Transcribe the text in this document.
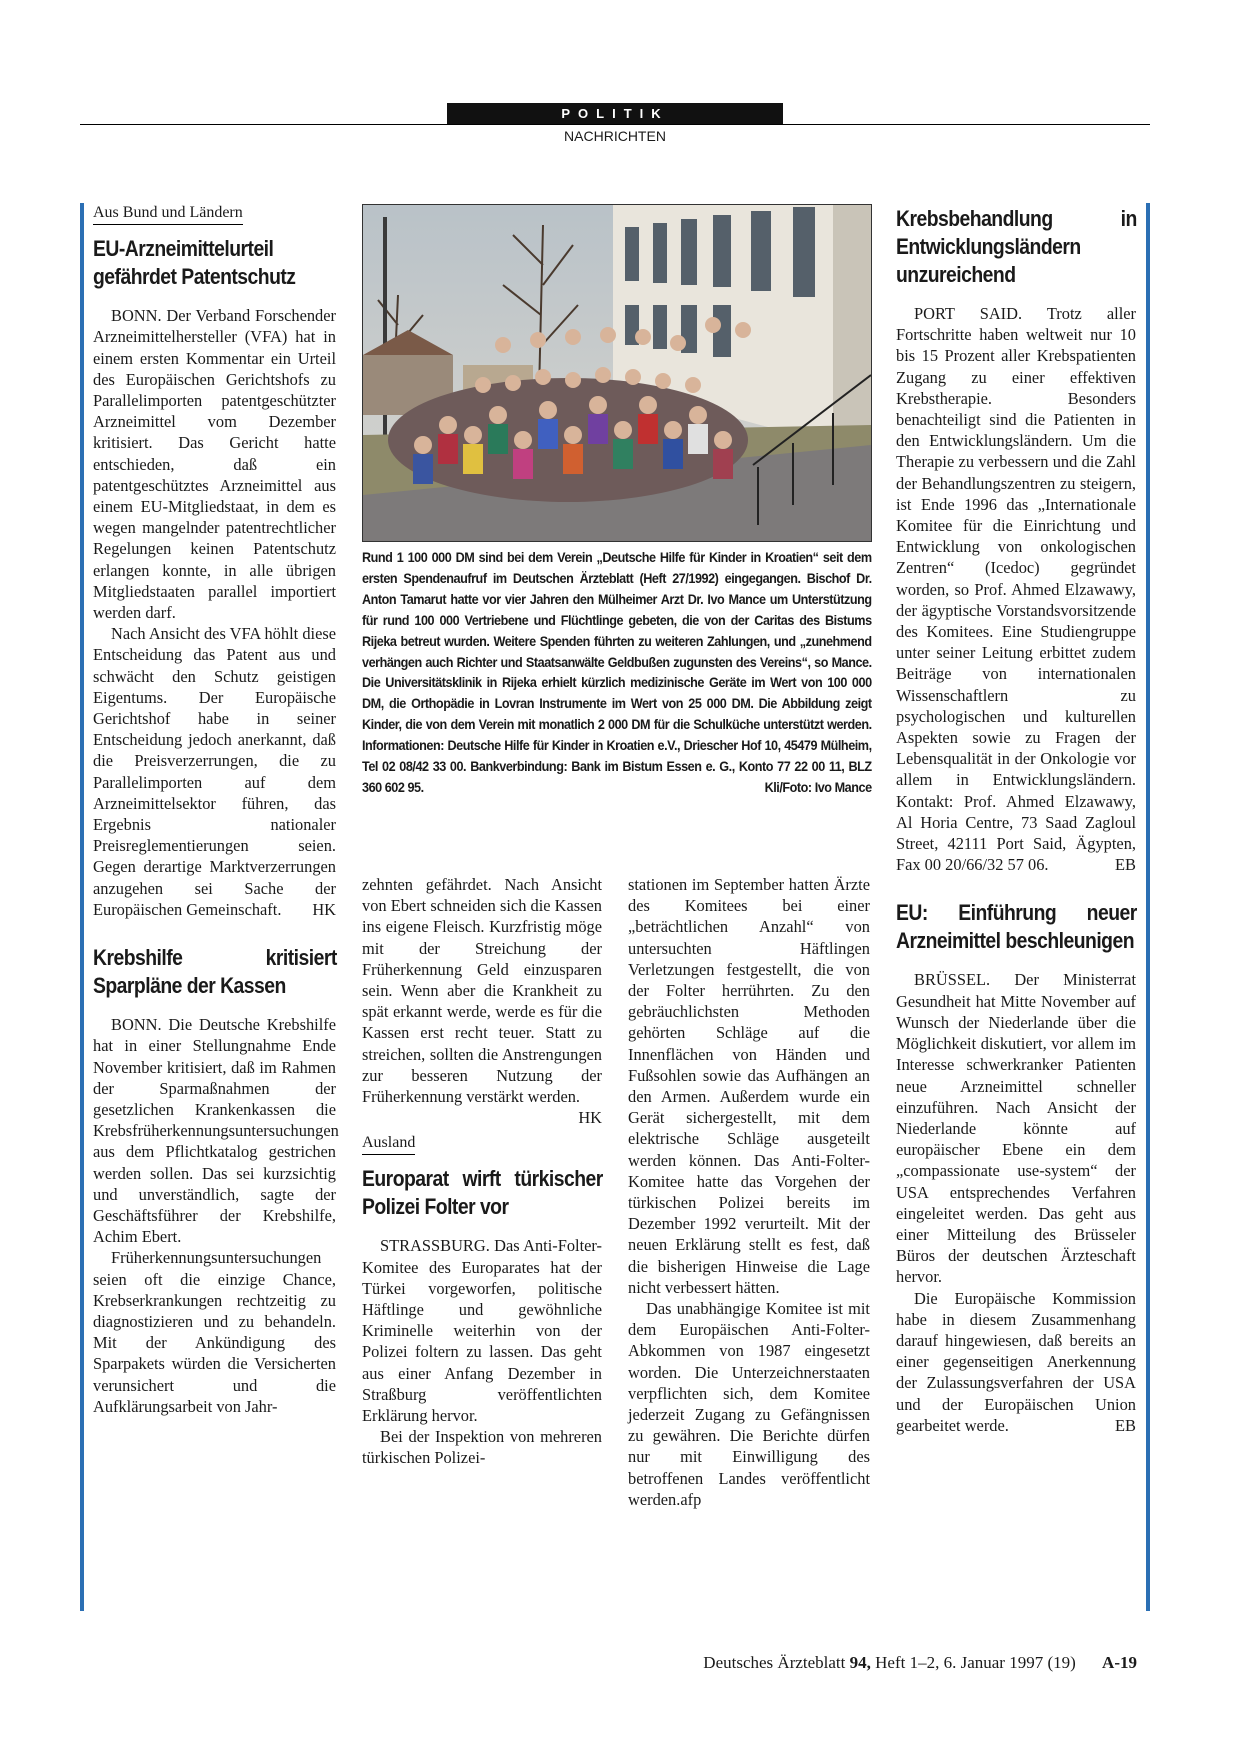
POLITIK
NACHRICHTEN
Aus Bund und Ländern
EU-Arzneimittelurteil gefährdet Patentschutz

BONN. Der Verband Forschender Arzneimittelhersteller (VFA) hat in einem ersten Kommentar ein Urteil des Europäischen Gerichtshofs zu Parallelimporten patentgeschützter Arzneimittel vom Dezember kritisiert. Das Gericht hatte entschieden, daß ein patentgeschütztes Arzneimittel aus einem EU-Mitgliedstaat, in dem es wegen mangelnder patentrechtlicher Regelungen keinen Patentschutz erlangen konnte, in alle übrigen Mitgliedstaaten parallel importiert werden darf.

Nach Ansicht des VFA höhlt diese Entscheidung das Patent aus und schwächt den Schutz geistigen Eigentums. Der Europäische Gerichtshof habe in seiner Entscheidung jedoch anerkannt, daß die Preisverzerrungen, die zu Parallelimporten auf dem Arzneimittelsektor führen, das Ergebnis nationaler Preisreglementierungen seien. Gegen derartige Marktverzerrungen anzugehen sei Sache der Europäischen Gemeinschaft.	HK

Krebshilfe kritisiert Sparpläne der Kassen

BONN. Die Deutsche Krebshilfe hat in einer Stellungnahme Ende November kritisiert, daß im Rahmen der Sparmaßnahmen der gesetzlichen Krankenkassen die Krebsfrüherkennungsuntersuchungen aus dem Pflichtkatalog gestrichen werden sollen. Das sei kurzsichtig und unverständlich, sagte der Geschäftsführer der Krebshilfe, Achim Ebert.

Früherkennungsuntersuchungen seien oft die einzige Chance, Krebserkrankungen rechtzeitig zu diagnostizieren und zu behandeln. Mit der Ankündigung des Sparpakets würden die Versicherten verunsichert und die Aufklärungsarbeit von Jahr-

Rund 1 100 000 DM sind bei dem Verein „Deutsche Hilfe für Kinder in Kroatien“ seit dem ersten Spendenaufruf im Deutschen Ärzteblatt (Heft 27/1992) eingegangen. Bischof Dr. Anton Tamarut hatte vor vier Jahren den Mülheimer Arzt Dr. Ivo Mance um Unterstützung für rund 100 000 Vertriebene und Flüchtlinge gebeten, die von der Caritas des Bistums Rijeka betreut wurden. Weitere Spenden führten zu weiteren Zahlungen, und „zunehmend verhängen auch Richter und Staatsanwälte Geldbußen zugunsten des Vereins“, so Mance. Die Universitätsklinik in Rijeka erhielt kürzlich medizinische Geräte im Wert von 100 000 DM, die Orthopädie in Lovran Instrumente im Wert von 25 000 DM. Die Abbildung zeigt Kinder, die von dem Verein mit monatlich 2 000 DM für die Schulküche unterstützt werden. Informationen: Deutsche Hilfe für Kinder in Kroatien e.V., Driescher Hof 10, 45479 Mülheim, Tel 02 08/42 33 00. Bankverbindung: Bank im Bistum Essen e. G., Konto 77 22 00 11, BLZ 360 602 95.	Kli/Foto: Ivo Mance

zehnten gefährdet. Nach Ansicht von Ebert schneiden sich die Kassen ins eigene Fleisch. Kurzfristig möge mit der Streichung der Früherkennung Geld einzusparen sein. Wenn aber die Krankheit zu spät erkannt werde, werde es für die Kassen erst recht teuer. Statt zu streichen, sollten die Anstrengungen zur besseren Nutzung der Früherkennung verstärkt werden.
HK

Ausland
Europarat wirft türkischer Polizei Folter vor

STRASSBURG. Das Anti-Folter-Komitee des Europarates hat der Türkei vorgeworfen, politische Häftlinge und gewöhnliche Kriminelle weiterhin von der Polizei foltern zu lassen. Das geht aus einer Anfang Dezember in Straßburg veröffentlichten Erklärung hervor.

Bei der Inspektion von mehreren türkischen Polizei-

stationen im September hatten Ärzte des Komitees bei einer „beträchtlichen Anzahl“ von untersuchten Häftlingen Verletzungen festgestellt, die von der Folter herrührten. Zu den gebräuchlichsten Methoden gehörten Schläge auf die Innenflächen von Händen und Fußsohlen sowie das Aufhängen an den Armen. Außerdem wurde ein Gerät sichergestellt, mit dem elektrische Schläge ausgeteilt werden können. Das Anti-Folter-Komitee hatte das Vorgehen der türkischen Polizei bereits im Dezember 1992 verurteilt. Mit der neuen Erklärung stellt es fest, daß die bisherigen Hinweise die Lage nicht verbessert hätten.

Das unabhängige Komitee ist mit dem Europäischen Anti-Folter-Abkommen von 1987 eingesetzt worden. Die Unterzeichnerstaaten verpflichten sich, dem Komitee jederzeit Zugang zu Gefängnissen zu gewähren. Die Berichte dürfen nur mit Einwilligung des betroffenen Landes veröffentlicht werden.afp

Krebsbehandlung in Entwicklungsländern unzureichend

PORT SAID. Trotz aller Fortschritte haben weltweit nur 10 bis 15 Prozent aller Krebspatienten Zugang zu einer effektiven Krebstherapie. Besonders benachteiligt sind die Patienten in den Entwicklungsländern. Um die Therapie zu verbessern und die Zahl der Behandlungszentren zu steigern, ist Ende 1996 das „Internationale Komitee für die Einrichtung und Entwicklung von onkologischen Zentren“ (Icedoc) gegründet worden, so Prof. Ahmed Elzawawy, der ägyptische Vorstandsvorsitzende des Komitees. Eine Studiengruppe unter seiner Leitung erbittet zudem Beiträge von internationalen Wissenschaftlern zu psychologischen und kulturellen Aspekten sowie zu Fragen der Lebensqualität in der Onkologie vor allem in Entwicklungsländern. Kontakt: Prof. Ahmed Elzawawy, Al Horia Centre, 73 Saad Zagloul Street, 42111 Port Said, Ägypten, Fax 00 20/66/32 57 06.	EB

EU: Einführung neuer Arzneimittel beschleunigen

BRÜSSEL. Der Ministerrat Gesundheit hat Mitte November auf Wunsch der Niederlande über die Möglichkeit diskutiert, vor allem im Interesse schwerkranker Patienten neue Arzneimittel schneller einzuführen. Nach Ansicht der Niederlande könnte auf europäischer Ebene ein dem „compassionate use-system“ der USA entsprechendes Verfahren eingeleitet werden. Das geht aus einer Mitteilung des Brüsseler Büros der deutschen Ärzteschaft hervor.

Die Europäische Kommission habe in diesem Zusammenhang darauf hingewiesen, daß bereits an einer gegenseitigen Anerkennung der Zulassungsverfahren der USA und der Europäischen Union gearbeitet werde.	EB

Deutsches Ärzteblatt 94, Heft 1–2, 6. Januar 1997 (19) A-19
